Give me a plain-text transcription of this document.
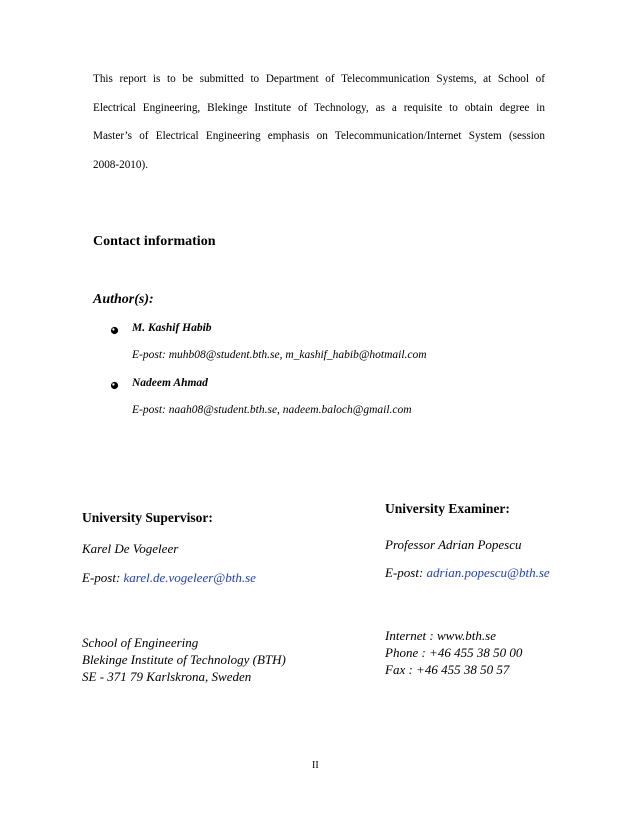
This report is to be submitted to Department of Telecommunication Systems, at School of
Electrical Engineering, Blekinge Institute of Technology, as a requisite to obtain degree in
Master’s of Electrical Engineering emphasis on Telecommunication/Internet System (session
2008-2010).
Contact information
Author(s):
M. Kashif Habib
E-post: muhb08@student.bth.se, m_kashif_habib@hotmail.com
Nadeem Ahmad
E-post: naah08@student.bth.se, nadeem.baloch@gmail.com
University Supervisor:
Karel De Vogeleer
E-post: karel.de.vogeleer@bth.se
University Examiner:
Professor Adrian Popescu
E-post: adrian.popescu@bth.se
School of Engineering
Blekinge Institute of Technology (BTH)
SE - 371 79 Karlskrona, Sweden
Internet : www.bth.se
Phone : +46 455 38 50 00
Fax : +46 455 38 50 57
II
